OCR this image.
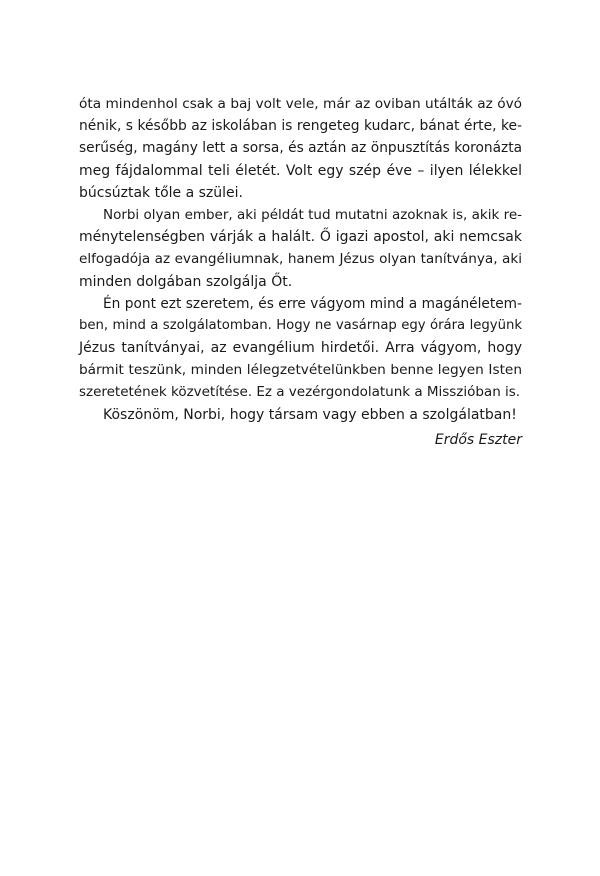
óta mindenhol csak a baj volt vele, már az oviban utálták az óvó
nénik, s később az iskolában is rengeteg kudarc, bánat érte, ke-
serűség, magány lett a sorsa, és aztán az önpusztítás koronázta
meg fájdalommal teli életét. Volt egy szép éve – ilyen lélekkel
búcsúztak tőle a szülei.
Norbi olyan ember, aki példát tud mutatni azoknak is, akik re-
ménytelenségben várják a halált. Ő igazi apostol, aki nemcsak
elfogadója az evangéliumnak, hanem Jézus olyan tanítványa, aki
minden dolgában szolgálja Őt.
Én pont ezt szeretem, és erre vágyom mind a magánéletem-
ben, mind a szolgálatomban. Hogy ne vasárnap egy órára legyünk
Jézus tanítványai, az evangélium hirdetői. Arra vágyom, hogy
bármit teszünk, minden lélegzetvételünkben benne legyen Isten
szeretetének közvetítése. Ez a vezérgondolatunk a Misszióban is.
Köszönöm, Norbi, hogy társam vagy ebben a szolgálatban!
Erdős Eszter
